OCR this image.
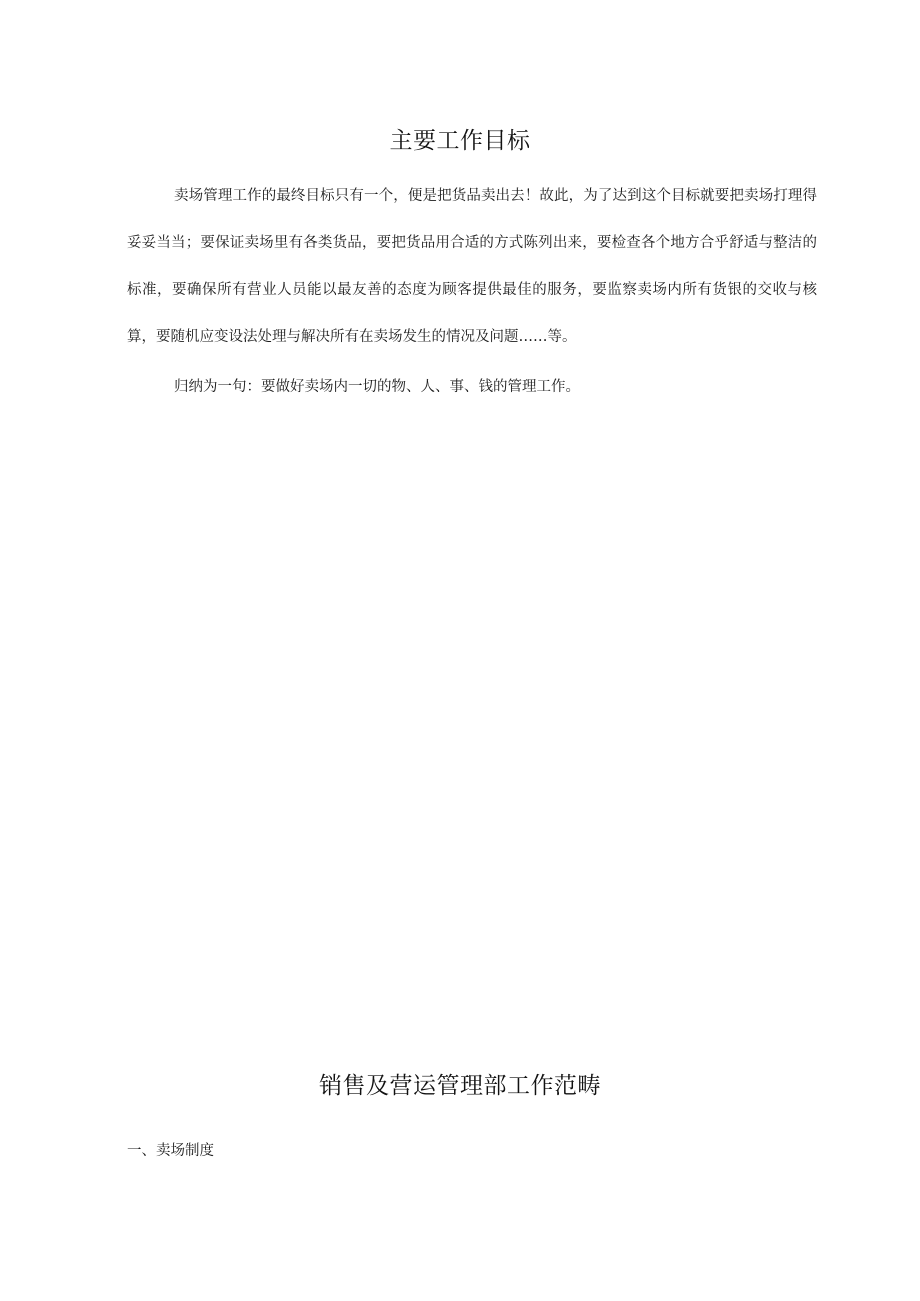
主要工作目标

卖场管理工作的最终目标只有一个，便是把货品卖出去！故此，为了达到这个目标就要把卖场打理得妥妥当当；要保证卖场里有各类货品，要把货品用合适的方式陈列出来，要检查各个地方合乎舒适与整洁的标准，要确保所有营业人员能以最友善的态度为顾客提供最佳的服务，要监察卖场内所有货银的交收与核算，要随机应变设法处理与解决所有在卖场发生的情况及问题……等。

归纳为一句：要做好卖场内一切的物、人、事、钱的管理工作。

销售及营运管理部工作范畴

一、卖场制度
